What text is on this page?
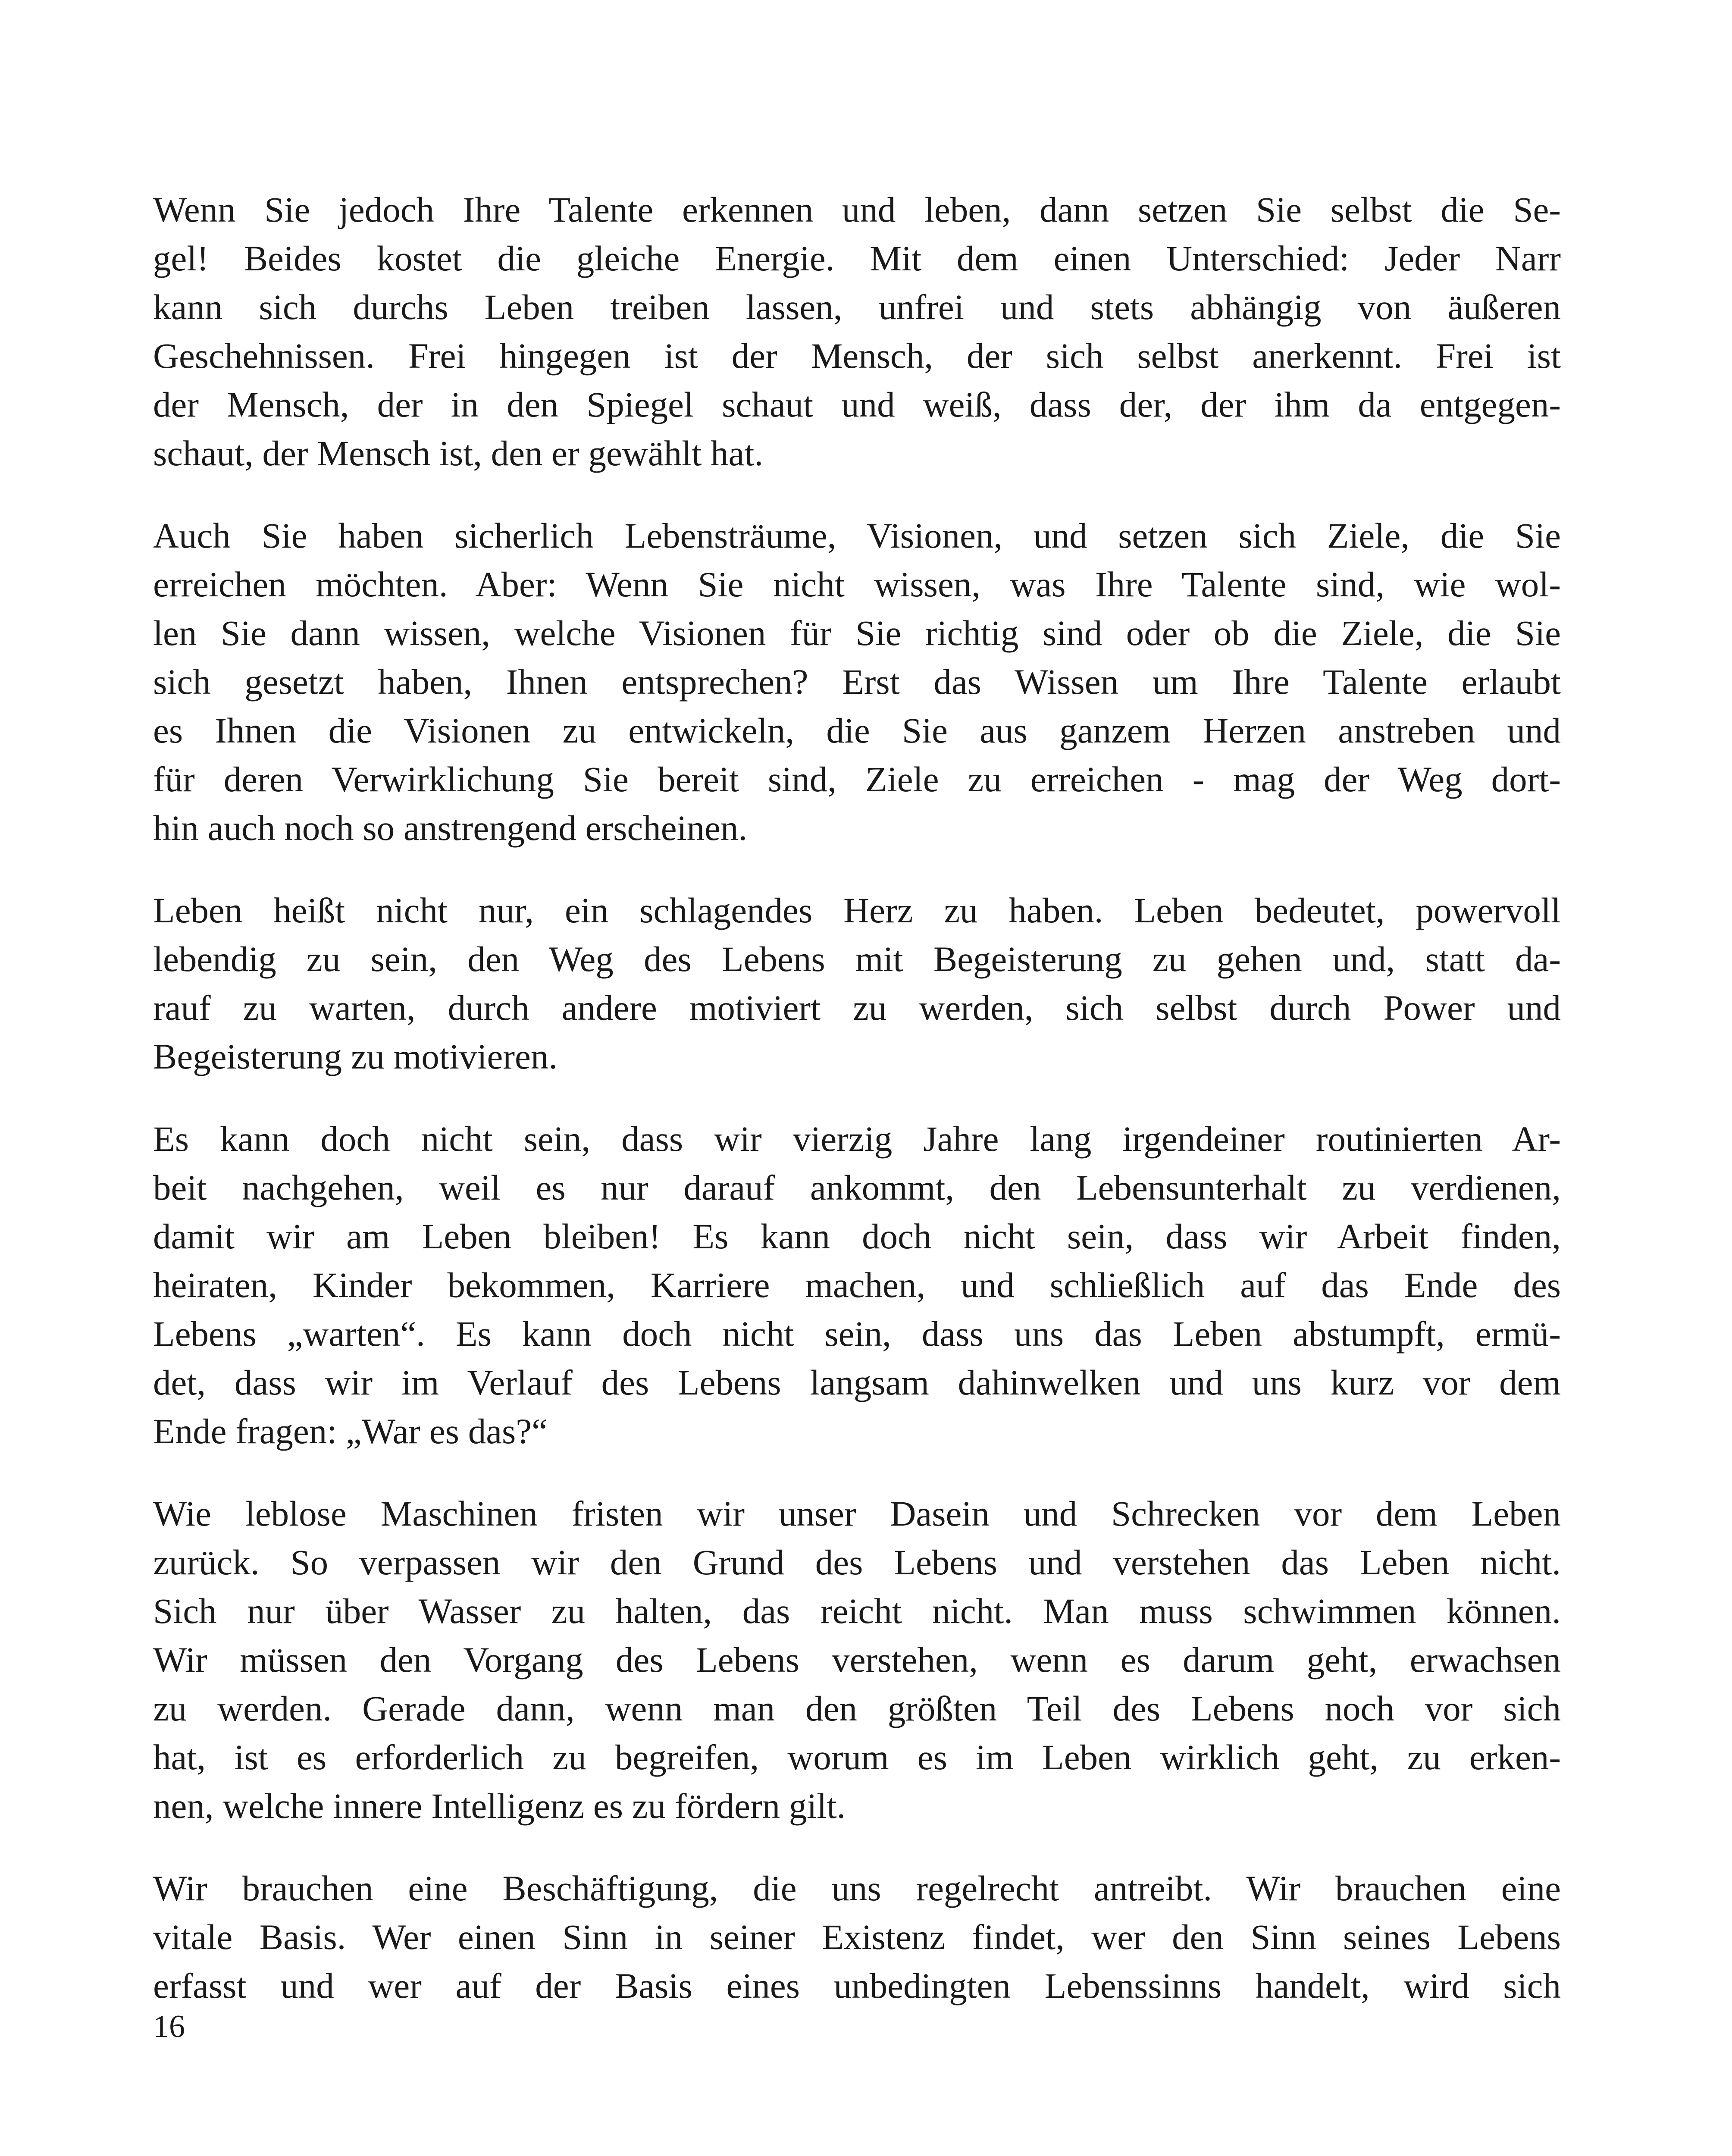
Wenn Sie jedoch Ihre Talente erkennen und leben, dann setzen Sie selbst die Se-
gel! Beides kostet die gleiche Energie. Mit dem einen Unterschied: Jeder Narr
kann sich durchs Leben treiben lassen, unfrei und stets abhängig von äußeren
Geschehnissen. Frei hingegen ist der Mensch, der sich selbst anerkennt. Frei ist
der Mensch, der in den Spiegel schaut und weiß, dass der, der ihm da entgegen-
schaut, der Mensch ist, den er gewählt hat.

Auch Sie haben sicherlich Lebensträume, Visionen, und setzen sich Ziele, die Sie
erreichen möchten. Aber: Wenn Sie nicht wissen, was Ihre Talente sind, wie wol-
len Sie dann wissen, welche Visionen für Sie richtig sind oder ob die Ziele, die Sie
sich gesetzt haben, Ihnen entsprechen? Erst das Wissen um Ihre Talente erlaubt
es Ihnen die Visionen zu entwickeln, die Sie aus ganzem Herzen anstreben und
für deren Verwirklichung Sie bereit sind, Ziele zu erreichen - mag der Weg dort-
hin auch noch so anstrengend erscheinen.

Leben heißt nicht nur, ein schlagendes Herz zu haben. Leben bedeutet, powervoll
lebendig zu sein, den Weg des Lebens mit Begeisterung zu gehen und, statt da-
rauf zu warten, durch andere motiviert zu werden, sich selbst durch Power und
Begeisterung zu motivieren.

Es kann doch nicht sein, dass wir vierzig Jahre lang irgendeiner routinierten Ar-
beit nachgehen, weil es nur darauf ankommt, den Lebensunterhalt zu verdienen,
damit wir am Leben bleiben! Es kann doch nicht sein, dass wir Arbeit finden,
heiraten, Kinder bekommen, Karriere machen, und schließlich auf das Ende des
Lebens „warten“. Es kann doch nicht sein, dass uns das Leben abstumpft, ermü-
det, dass wir im Verlauf des Lebens langsam dahinwelken und uns kurz vor dem
Ende fragen: „War es das?“

Wie leblose Maschinen fristen wir unser Dasein und Schrecken vor dem Leben
zurück. So verpassen wir den Grund des Lebens und verstehen das Leben nicht.
Sich nur über Wasser zu halten, das reicht nicht. Man muss schwimmen können.
Wir müssen den Vorgang des Lebens verstehen, wenn es darum geht, erwachsen
zu werden. Gerade dann, wenn man den größten Teil des Lebens noch vor sich
hat, ist es erforderlich zu begreifen, worum es im Leben wirklich geht, zu erken-
nen, welche innere Intelligenz es zu fördern gilt.

Wir brauchen eine Beschäftigung, die uns regelrecht antreibt. Wir brauchen eine
vitale Basis. Wer einen Sinn in seiner Existenz findet, wer den Sinn seines Lebens
erfasst und wer auf der Basis eines unbedingten Lebenssinns handelt, wird sich

16
